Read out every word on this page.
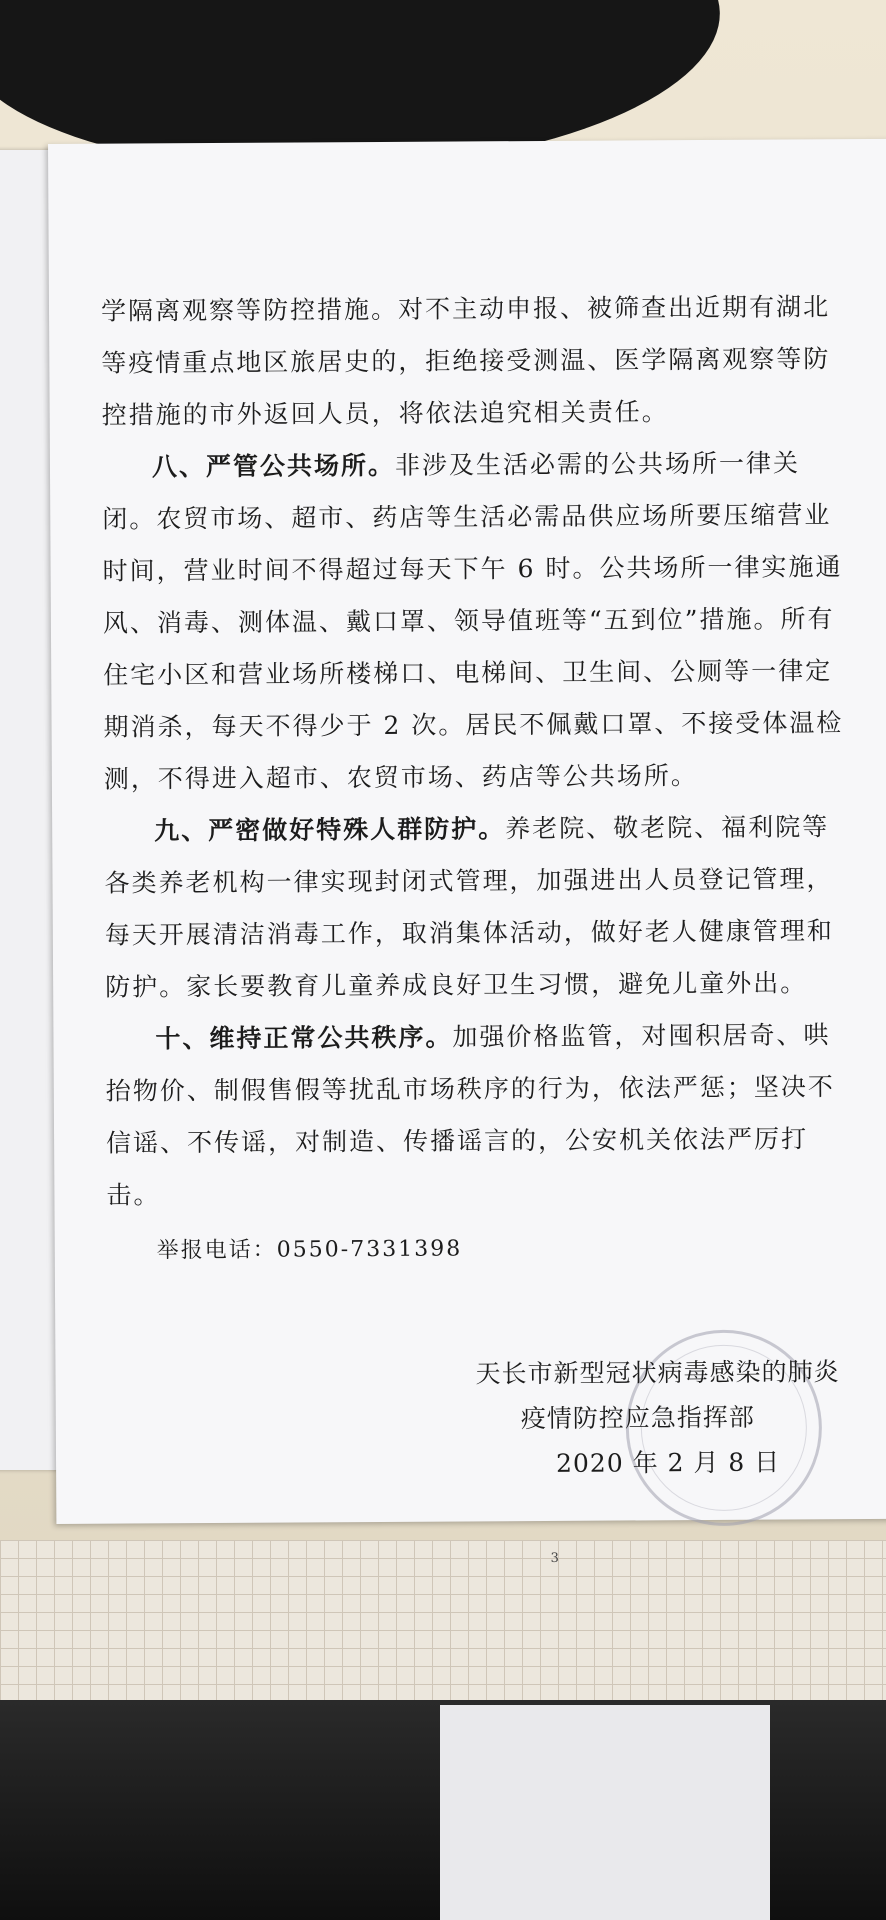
学隔离观察等防控措施。对不主动申报、被筛查出近期有湖北
等疫情重点地区旅居史的，拒绝接受测温、医学隔离观察等防
控措施的市外返回人员，将依法追究相关责任。
八、严管公共场所。非涉及生活必需的公共场所一律关
闭。农贸市场、超市、药店等生活必需品供应场所要压缩营业
时间，营业时间不得超过每天下午 6 时。公共场所一律实施通
风、消毒、测体温、戴口罩、领导值班等“五到位”措施。所有
住宅小区和营业场所楼梯口、电梯间、卫生间、公厕等一律定
期消杀，每天不得少于 2 次。居民不佩戴口罩、不接受体温检
测，不得进入超市、农贸市场、药店等公共场所。
九、严密做好特殊人群防护。养老院、敬老院、福利院等
各类养老机构一律实现封闭式管理，加强进出人员登记管理，
每天开展清洁消毒工作，取消集体活动，做好老人健康管理和
防护。家长要教育儿童养成良好卫生习惯，避免儿童外出。
十、维持正常公共秩序。加强价格监管，对囤积居奇、哄
抬物价、制假售假等扰乱市场秩序的行为，依法严惩；坚决不
信谣、不传谣，对制造、传播谣言的，公安机关依法严厉打
击。
举报电话：0550-7331398
天长市新型冠状病毒感染的肺炎
疫情防控应急指挥部
2020 年 2 月 8 日
3
